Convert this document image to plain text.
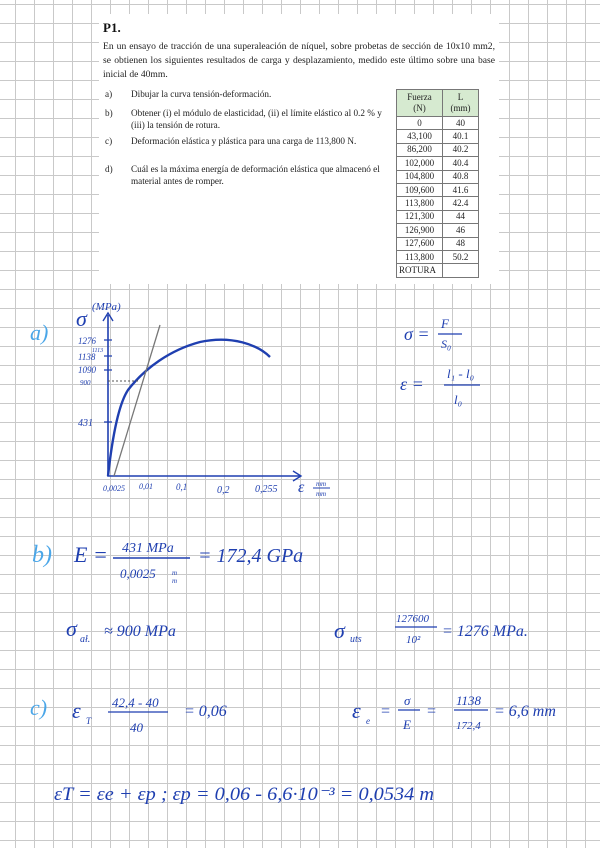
P1.

En un ensayo de tracción de una superaleación de níquel, sobre probetas de sección de 10x10 mm2, se obtienen los siguientes resultados de carga y desplazamiento, medido este último sobre una base inicial de 40mm.

a) Dibujar la curva tensión-deformación.
b) Obtener (i) el módulo de elasticidad, (ii) el límite elástico al 0.2 % y (iii) la tensión de rotura.
c) Deformación elástica y plástica para una carga de 113,800 N.
d) Cuál es la máxima energía de deformación elástica que almacenó el material antes de romper.
Fuerza
(N)	L
(mm)
0	40
43,100	40.1
86,200	40.2
102,000	40.4
104,800	40.8
109,600	41.6
113,800	42.4
121,300	44
126,900	46
127,600	48
113,800	50.2
ROTURA	
a)
σ (MPa)
1276
1113
1138
1090
900
431
0,0025 0,01	0,1	0,2	0,255 ε mm
mm
σ =
F
S₀
ε =
l₁ - l₀
l₀
b) E = 431 MPa
0,0025 m
m
= 172,4 GPa
σ ał. ≈ 900 MPa	σ uts
127600
10² = 1276 MPa.
c) ε T
42,4 - 40
40
= 0,06	ε e
=
σ
E
=
1138
172,4
= 6,6 mm
εT = εe + εp ; εp = 0,06 - 6,6·10⁻³ = 0,0534 m
